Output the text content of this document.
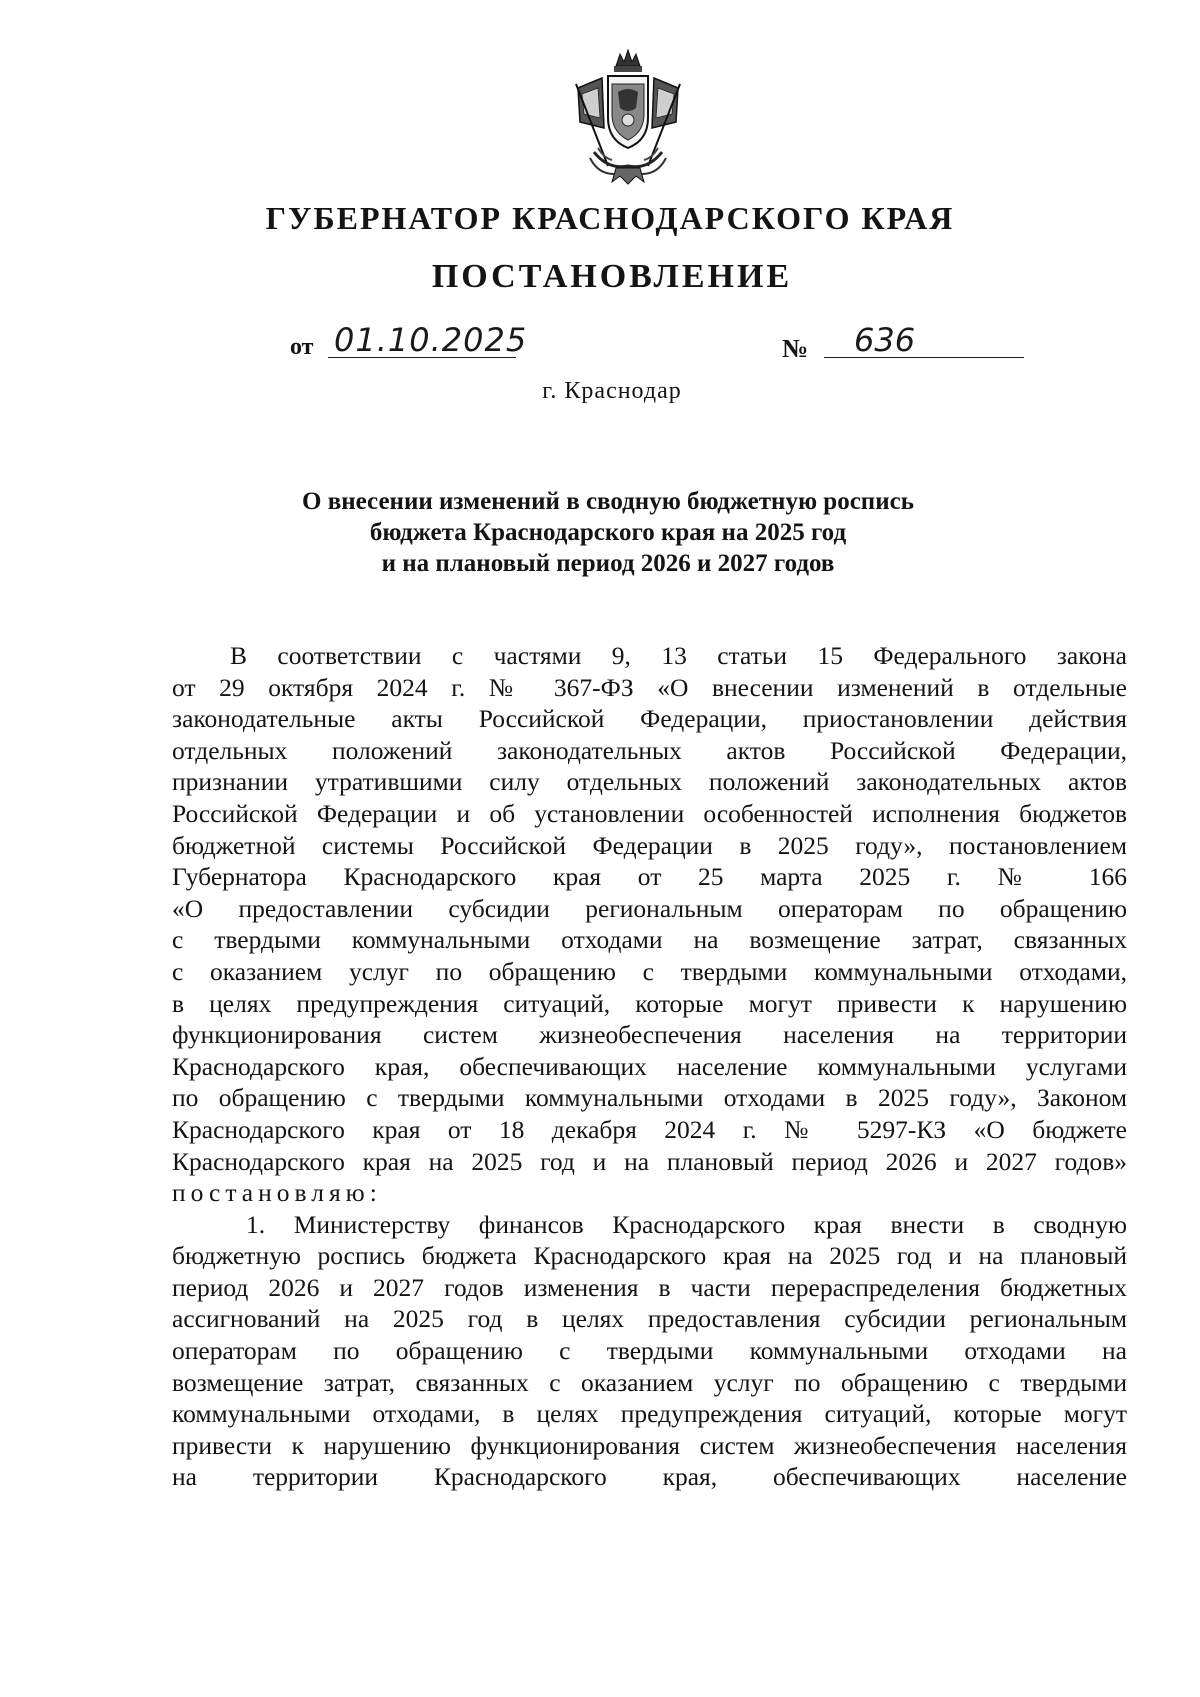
ГУБЕРНАТОР КРАСНОДАРСКОГО КРАЯ
ПОСТАНОВЛЕНИЕ
от 01.10.2025	№	636
г. Краснодар
О внесении изменений в сводную бюджетную роспись
бюджета Краснодарского края на 2025 год
и на плановый период 2026 и 2027 годов
В соответствии с частями 9, 13 статьи 15 Федерального закона
от 29 октября 2024 г. № 367-ФЗ «О внесении изменений в отдельные
законодательные акты Российской Федерации, приостановлении действия
отдельных положений законодательных актов Российской Федерации,
признании утратившими силу отдельных положений законодательных актов
Российской Федерации и об установлении особенностей исполнения бюджетов
бюджетной системы Российской Федерации в 2025 году», постановлением
Губернатора Краснодарского края от 25 марта 2025 г. № 166
«О предоставлении субсидии региональным операторам по обращению
с твердыми коммунальными отходами на возмещение затрат, связанных
с оказанием услуг по обращению с твердыми коммунальными отходами,
в целях предупреждения ситуаций, которые могут привести к нарушению
функционирования систем жизнеобеспечения населения на территории
Краснодарского края, обеспечивающих население коммунальными услугами
по обращению с твердыми коммунальными отходами в 2025 году», Законом
Краснодарского края от 18 декабря 2024 г. № 5297-КЗ «О бюджете
Краснодарского края на 2025 год и на плановый период 2026 и 2027 годов»
постановляю:
1. Министерству финансов Краснодарского края внести в сводную
бюджетную роспись бюджета Краснодарского края на 2025 год и на плановый
период 2026 и 2027 годов изменения в части перераспределения бюджетных
ассигнований на 2025 год в целях предоставления субсидии региональным
операторам по обращению с твердыми коммунальными отходами на
возмещение затрат, связанных с оказанием услуг по обращению с твердыми
коммунальными отходами, в целях предупреждения ситуаций, которые могут
привести к нарушению функционирования систем жизнеобеспечения населения
на территории Краснодарского края, обеспечивающих население
